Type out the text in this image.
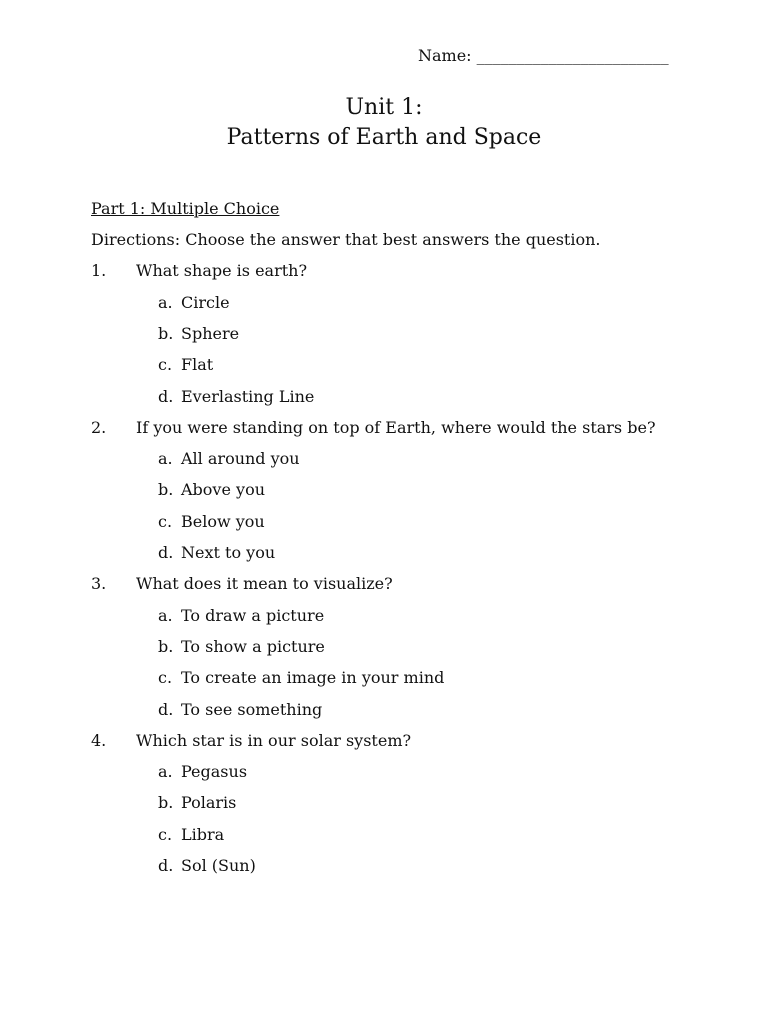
Name: ________________________
Unit 1:
Patterns of Earth and Space
Part 1: Multiple Choice
Directions: Choose the answer that best answers the question.
1. What shape is earth?
a. Circle
b. Sphere
c. Flat
d. Everlasting Line
2. If you were standing on top of Earth, where would the stars be?
a. All around you
b. Above you
c. Below you
d. Next to you
3. What does it mean to visualize?
a. To draw a picture
b. To show a picture
c. To create an image in your mind
d. To see something
4. Which star is in our solar system?
a. Pegasus
b. Polaris
c. Libra
d. Sol (Sun)
